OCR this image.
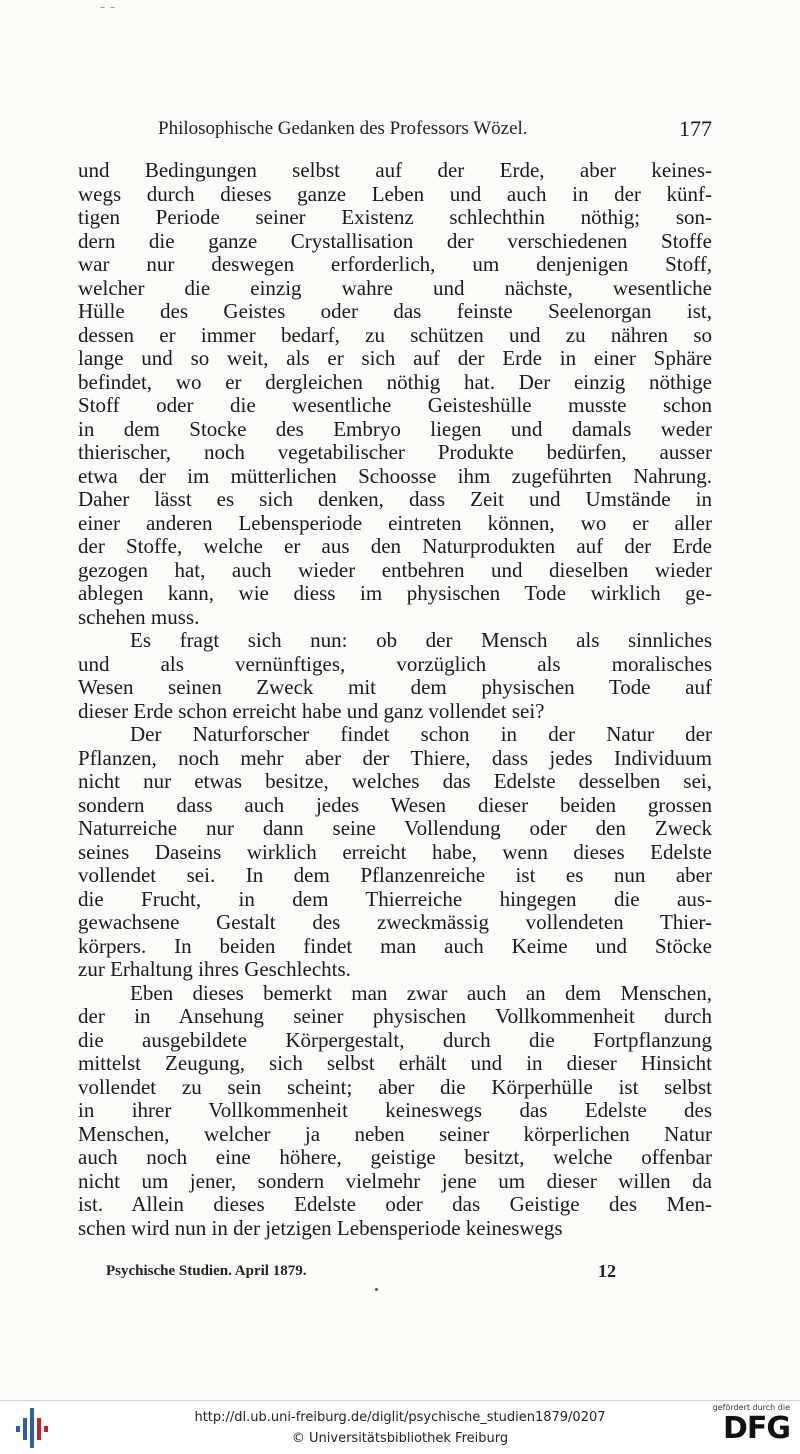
– –
Philosophische Gedanken des Professors Wözel.	177
und Bedingungen selbst auf der Erde, aber keines-
wegs durch dieses ganze Leben und auch in der künf-
tigen Periode seiner Existenz schlechthin nöthig; son-
dern die ganze Crystallisation der verschiedenen Stoffe
war nur deswegen erforderlich, um denjenigen Stoff,
welcher die einzig wahre und nächste, wesentliche
Hülle des Geistes oder das feinste Seelenorgan ist,
dessen er immer bedarf, zu schützen und zu nähren so
lange und so weit, als er sich auf der Erde in einer Sphäre
befindet, wo er dergleichen nöthig hat. Der einzig nöthige
Stoff oder die wesentliche Geisteshülle musste schon
in dem Stocke des Embryo liegen und damals weder
thierischer, noch vegetabilischer Produkte bedürfen, ausser
etwa der im mütterlichen Schoosse ihm zugeführten Nahrung.
Daher lässt es sich denken, dass Zeit und Umstände in
einer anderen Lebensperiode eintreten können, wo er aller
der Stoffe, welche er aus den Naturprodukten auf der Erde
gezogen hat, auch wieder entbehren und dieselben wieder
ablegen kann, wie diess im physischen Tode wirklich ge-
schehen muss.
Es fragt sich nun: ob der Mensch als sinnliches
und als vernünftiges, vorzüglich als moralisches
Wesen seinen Zweck mit dem physischen Tode auf
dieser Erde schon erreicht habe und ganz vollendet sei?
Der Naturforscher findet schon in der Natur der
Pflanzen, noch mehr aber der Thiere, dass jedes Individuum
nicht nur etwas besitze, welches das Edelste desselben sei,
sondern dass auch jedes Wesen dieser beiden grossen
Naturreiche nur dann seine Vollendung oder den Zweck
seines Daseins wirklich erreicht habe, wenn dieses Edelste
vollendet sei. In dem Pflanzenreiche ist es nun aber
die Frucht, in dem Thierreiche hingegen die aus-
gewachsene Gestalt des zweckmässig vollendeten Thier-
körpers. In beiden findet man auch Keime und Stöcke
zur Erhaltung ihres Geschlechts.
Eben dieses bemerkt man zwar auch an dem Menschen,
der in Ansehung seiner physischen Vollkommenheit durch
die ausgebildete Körpergestalt, durch die Fortpflanzung
mittelst Zeugung, sich selbst erhält und in dieser Hinsicht
vollendet zu sein scheint; aber die Körperhülle ist selbst
in ihrer Vollkommenheit keineswegs das Edelste des
Menschen, welcher ja neben seiner körperlichen Natur
auch noch eine höhere, geistige besitzt, welche offenbar
nicht um jener, sondern vielmehr jene um dieser willen da
ist. Allein dieses Edelste oder das Geistige des Men-
schen wird nun in der jetzigen Lebensperiode keineswegs
Psychische Studien. April 1879.	12
http://dl.ub.uni-freiburg.de/diglit/psychische_studien1879/0207
© Universitätsbibliothek Freiburg
gefördert durch die
DFG
